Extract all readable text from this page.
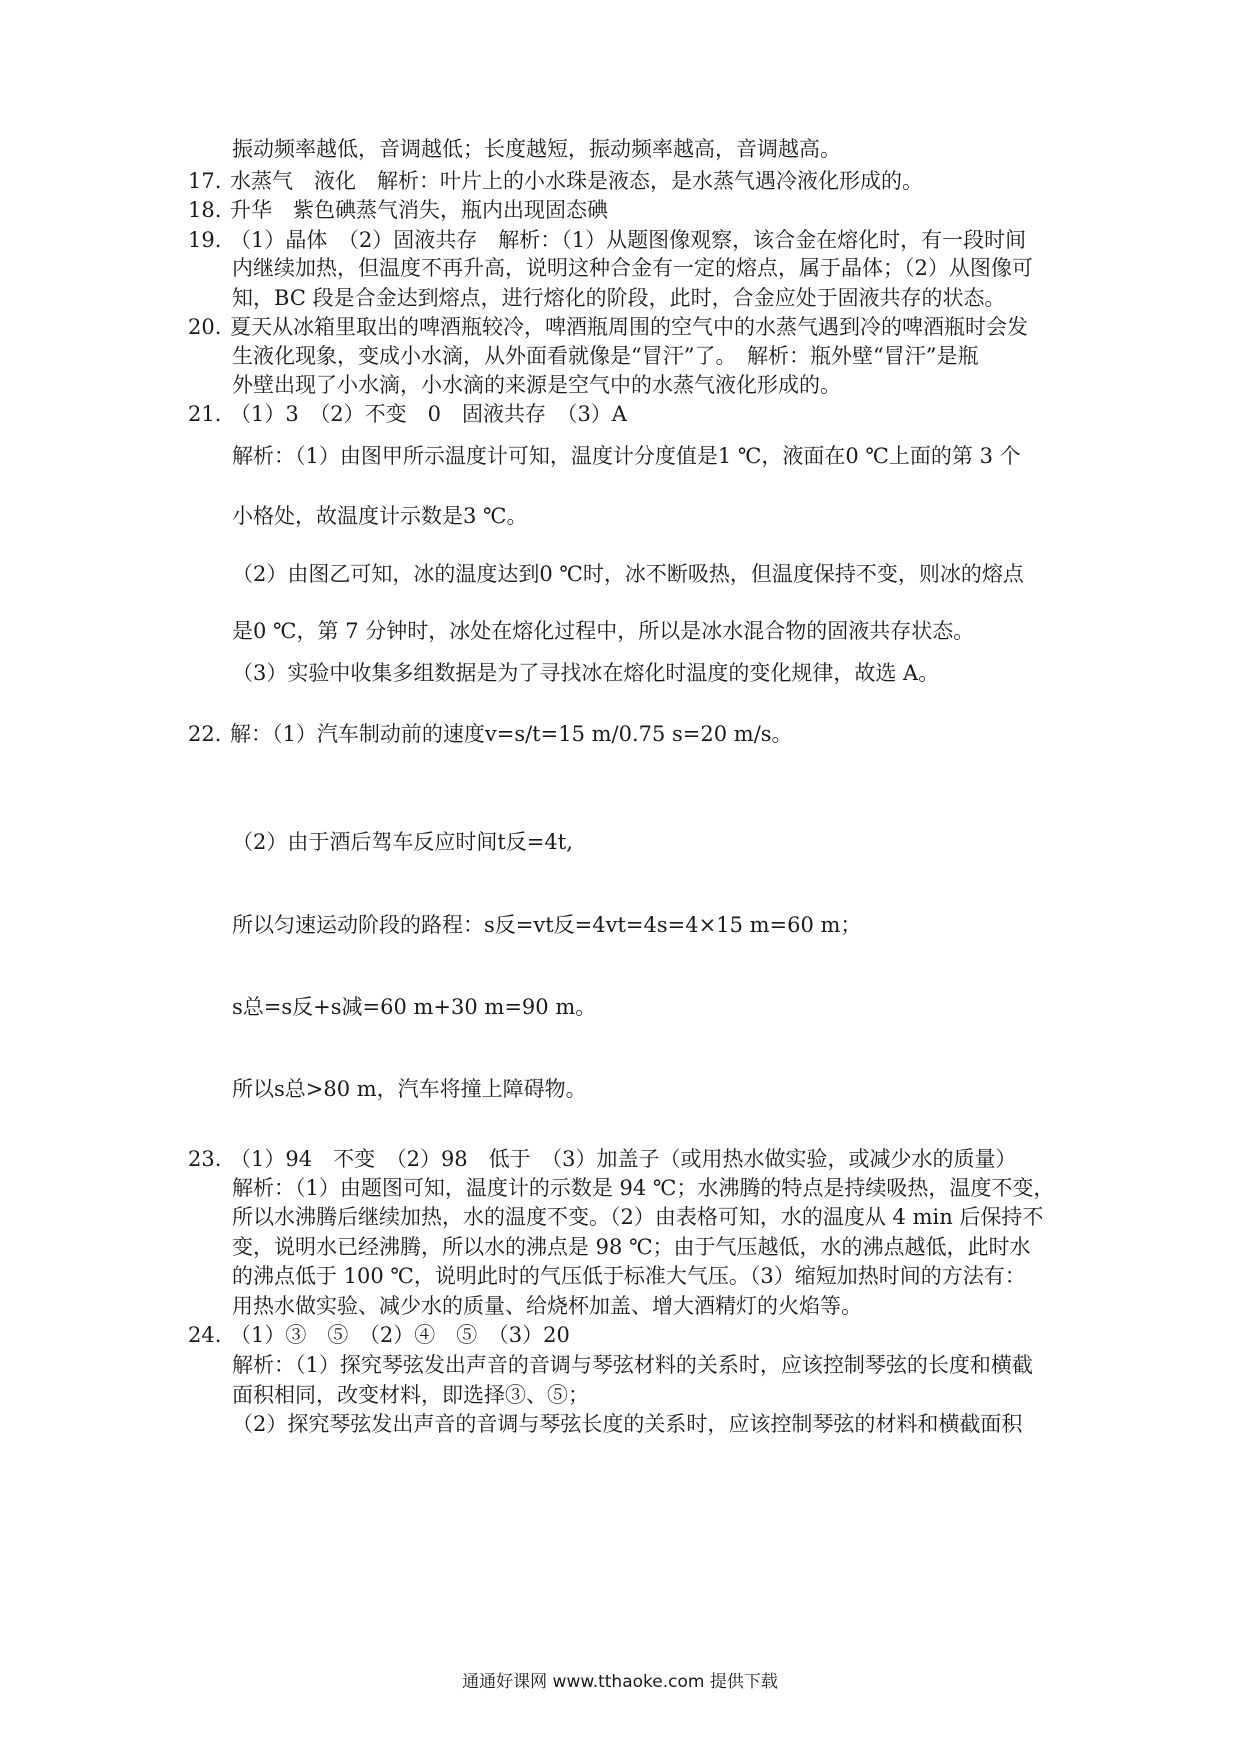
振动频率越低，音调越低；长度越短，振动频率越高，音调越高。
17. 水蒸气　液化　解析：叶片上的小水珠是液态，是水蒸气遇冷液化形成的。
18. 升华　紫色碘蒸气消失，瓶内出现固态碘
19. （1）晶体　（2）固液共存　解析：（1）从题图像观察，该合金在熔化时，有一段时间
内继续加热，但温度不再升高，说明这种合金有一定的熔点，属于晶体；（2）从图像可
知，BC 段是合金达到熔点，进行熔化的阶段，此时，合金应处于固液共存的状态。
20. 夏天从冰箱里取出的啤酒瓶较冷，啤酒瓶周围的空气中的水蒸气遇到冷的啤酒瓶时会发
生液化现象，变成小水滴，从外面看就像是“冒汗”了。　解析：瓶外壁“冒汗”是瓶
外壁出现了小水滴，小水滴的来源是空气中的水蒸气液化形成的。
21. （1）3　（2）不变　0　固液共存　（3）A
解析：（1）由图甲所示温度计可知，温度计分度值是1 ℃，液面在0 ℃上面的第 3 个
小格处，故温度计示数是3 ℃。
（2）由图乙可知，冰的温度达到0 ℃时，冰不断吸热，但温度保持不变，则冰的熔点
是0 ℃，第 7 分钟时，冰处在熔化过程中，所以是冰水混合物的固液共存状态。
（3）实验中收集多组数据是为了寻找冰在熔化时温度的变化规律，故选 A。
22. 解：（1）汽车制动前的速度v=s/t=15 m/0.75 s=20 m/s。
（2）由于酒后驾车反应时间t反=4t,
所以匀速运动阶段的路程：s反=vt反=4vt=4s=4×15 m=60 m；
s总=s反+s减=60 m+30 m=90 m。
所以s总>80 m，汽车将撞上障碍物。
23. （1）94　不变　（2）98　低于　（3）加盖子（或用热水做实验，或减少水的质量）
解析：（1）由题图可知，温度计的示数是 94 ℃；水沸腾的特点是持续吸热，温度不变，
所以水沸腾后继续加热，水的温度不变。（2）由表格可知，水的温度从 4 min 后保持不
变，说明水已经沸腾，所以水的沸点是 98 ℃；由于气压越低，水的沸点越低，此时水
的沸点低于 100 ℃，说明此时的气压低于标准大气压。（3）缩短加热时间的方法有：
用热水做实验、减少水的质量、给烧杯加盖、增大酒精灯的火焰等。
24. （1）③　⑤　（2）④　⑤　（3）20
解析：（1）探究琴弦发出声音的音调与琴弦材料的关系时，应该控制琴弦的长度和横截
面积相同，改变材料，即选择③、⑤；
（2）探究琴弦发出声音的音调与琴弦长度的关系时，应该控制琴弦的材料和横截面积
通通好课网 www.tthaoke.com 提供下载
